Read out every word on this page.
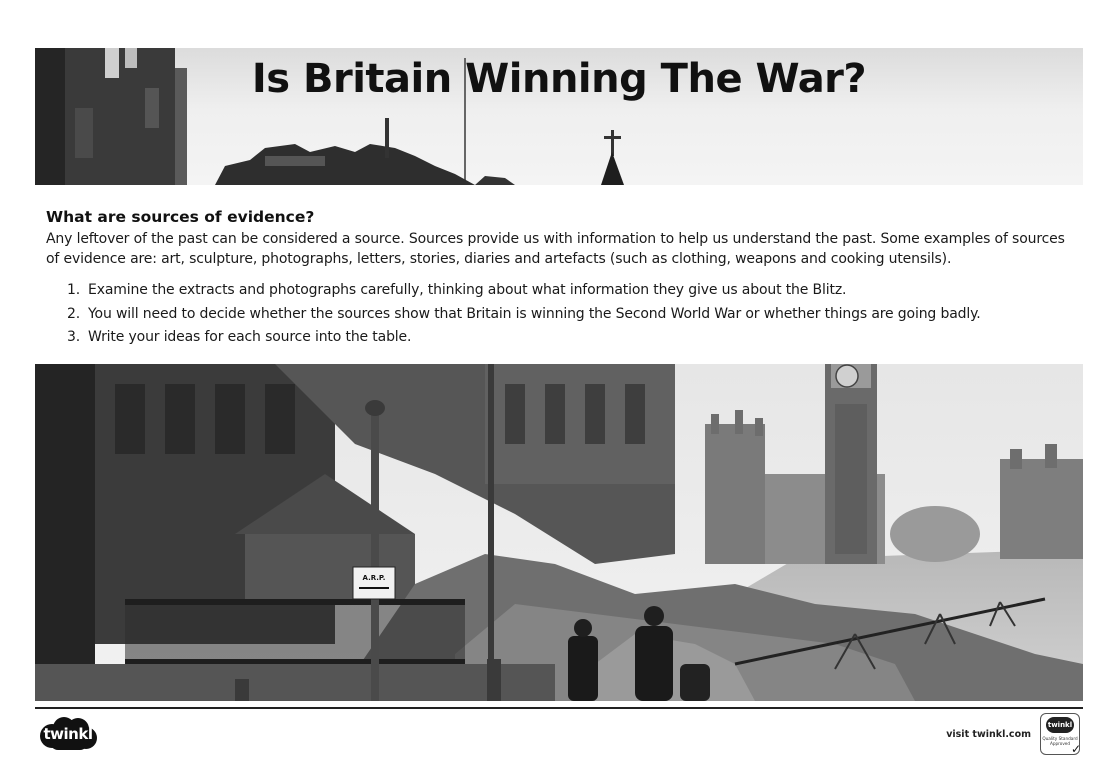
Is Britain Winning The War?
What are sources of evidence?

Any leftover of the past can be considered a source. Sources provide us with information to help us understand the past. Some examples of sources of evidence are: art, sculpture, photographs, letters, stories, diaries and artefacts (such as clothing, weapons and cooking utensils).

1. Examine the extracts and photographs carefully, thinking about what information they give us about the Blitz.
2. You will need to decide whether the sources show that Britain is winning the Second World War or whether things are going badly.
3. Write your ideas for each source into the table.
A.R.P.
twinkl	visit twinkl.com
twinkl
Quality Standard Approved ✓
